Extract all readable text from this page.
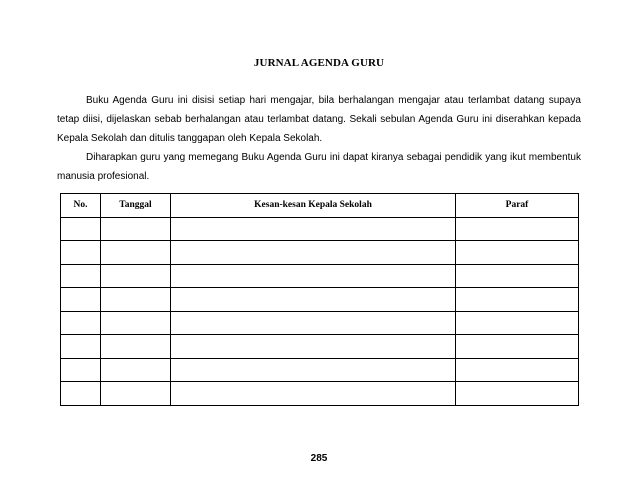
JURNAL AGENDA GURU

Buku Agenda Guru ini disisi setiap hari mengajar, bila berhalangan mengajar atau terlambat datang supaya tetap diisi, dijelaskan sebab berhalangan atau terlambat datang. Sekali sebulan Agenda Guru ini diserahkan kepada Kepala Sekolah dan ditulis tanggapan oleh Kepala Sekolah.

Diharapkan guru yang memegang Buku Agenda Guru ini dapat kiranya sebagai pendidik yang ikut membentuk manusia profesional.

No.	Tanggal	Kesan-kesan Kepala Sekolah	Paraf

285
